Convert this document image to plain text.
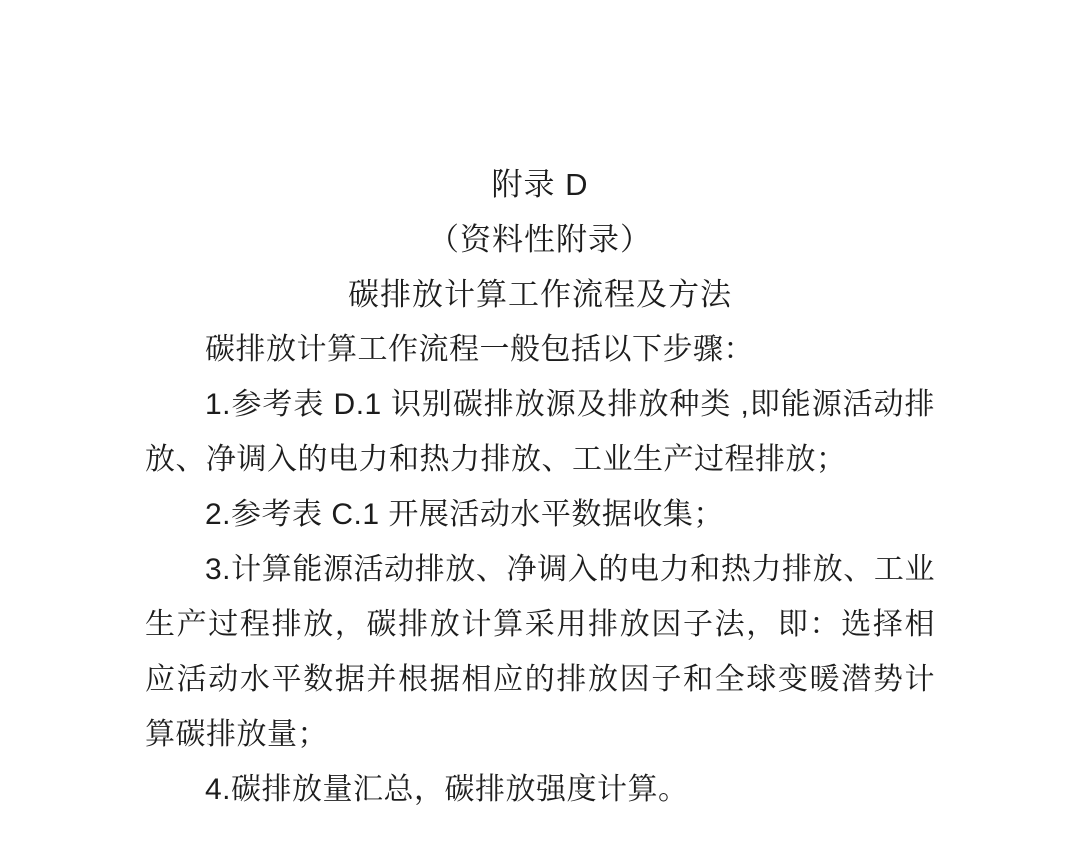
附录 D
（资料性附录）
碳排放计算工作流程及方法

碳排放计算工作流程一般包括以下步骤：

1.参考表 D.1 识别碳排放源及排放种类 ,即能源活动排放、净调入的电力和热力排放、工业生产过程排放；

2.参考表 C.1 开展活动水平数据收集；

3.计算能源活动排放、净调入的电力和热力排放、工业生产过程排放，碳排放计算采用排放因子法，即：选择相应活动水平数据并根据相应的排放因子和全球变暖潜势计算碳排放量；

4.碳排放量汇总，碳排放强度计算。
